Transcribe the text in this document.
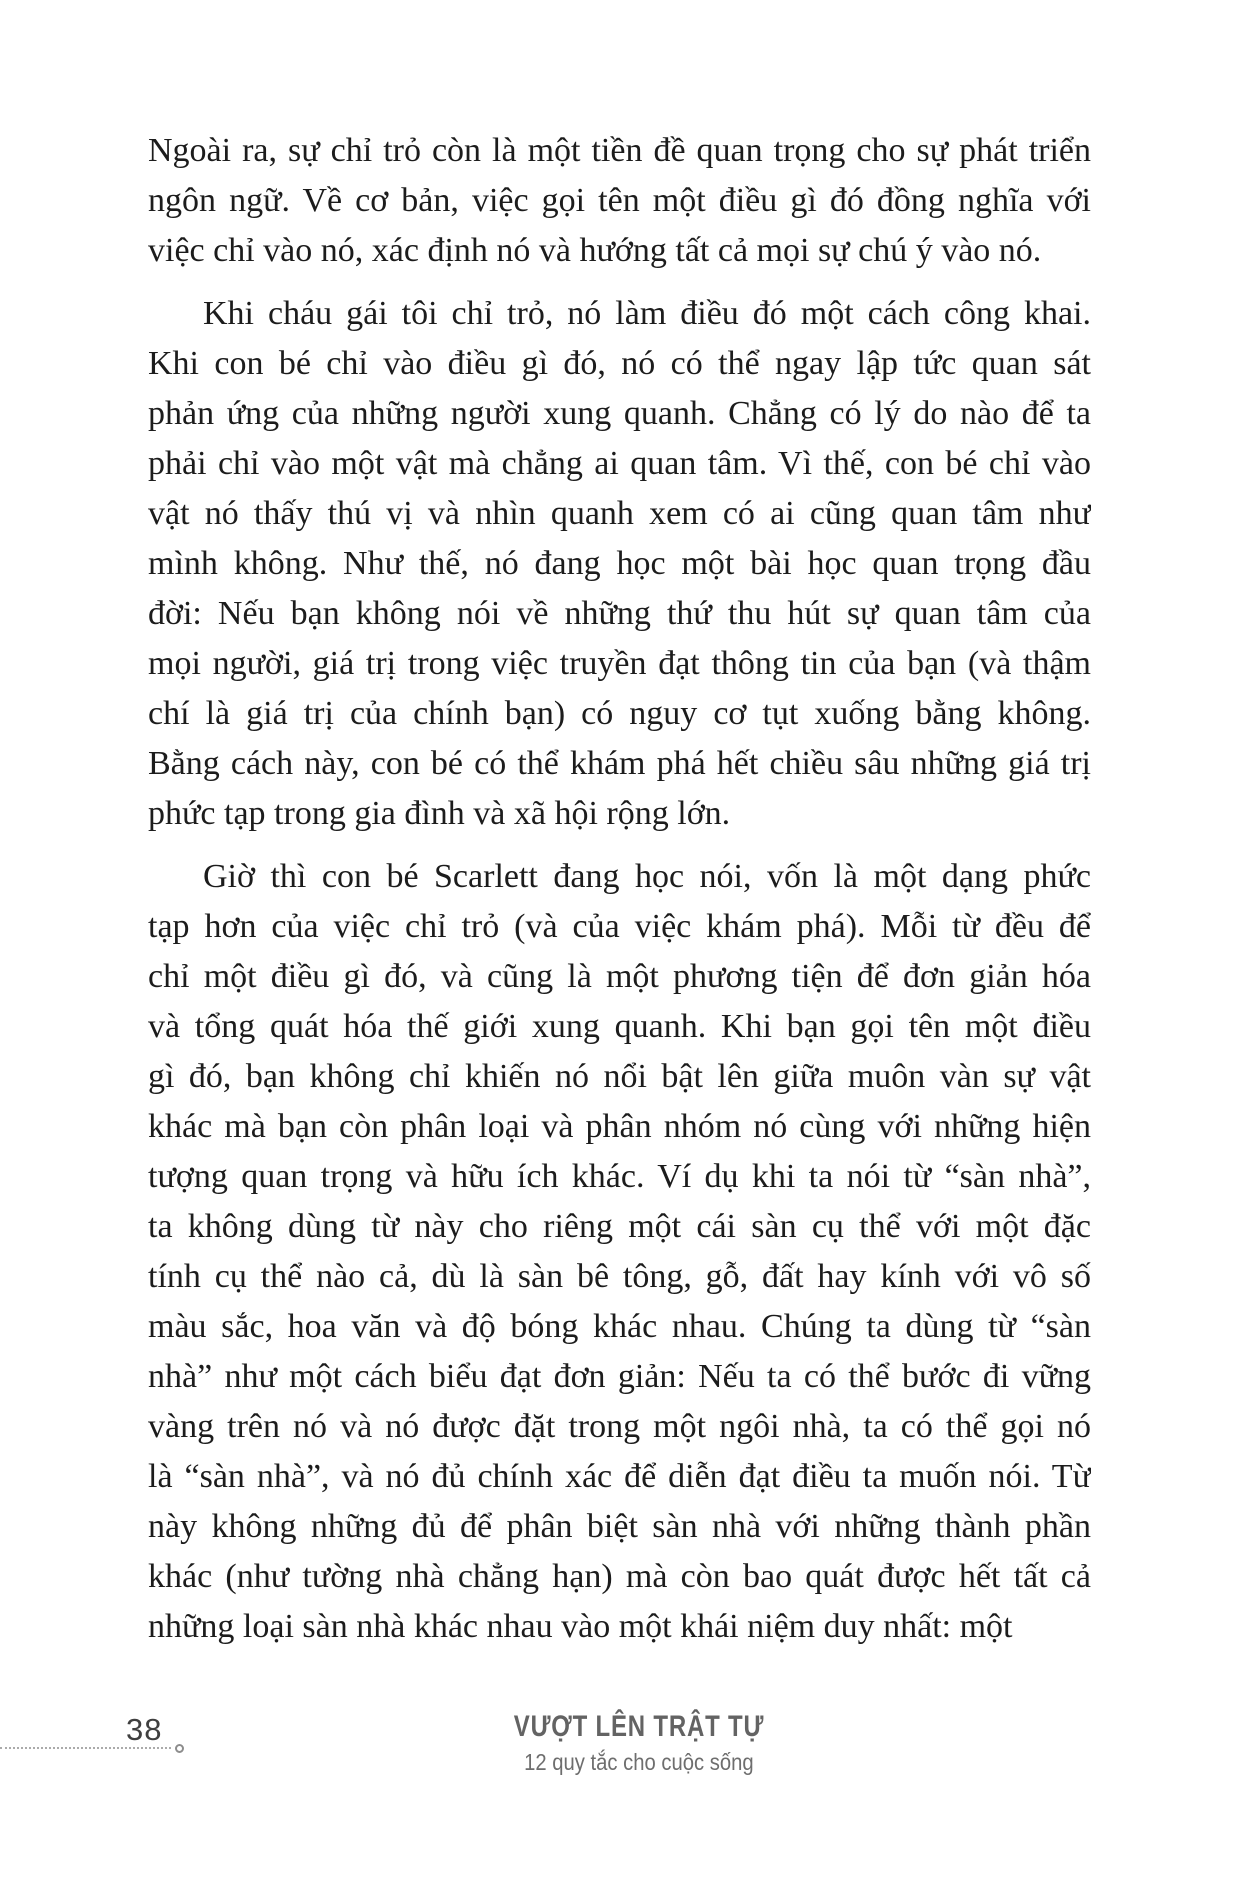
Ngoài ra, sự chỉ trỏ còn là một tiền đề quan trọng cho sự phát triển
ngôn ngữ. Về cơ bản, việc gọi tên một điều gì đó đồng nghĩa với
việc chỉ vào nó, xác định nó và hướng tất cả mọi sự chú ý vào nó.
Khi cháu gái tôi chỉ trỏ, nó làm điều đó một cách công khai.
Khi con bé chỉ vào điều gì đó, nó có thể ngay lập tức quan sát
phản ứng của những người xung quanh. Chẳng có lý do nào để ta
phải chỉ vào một vật mà chẳng ai quan tâm. Vì thế, con bé chỉ vào
vật nó thấy thú vị và nhìn quanh xem có ai cũng quan tâm như
mình không. Như thế, nó đang học một bài học quan trọng đầu
đời: Nếu bạn không nói về những thứ thu hút sự quan tâm của
mọi người, giá trị trong việc truyền đạt thông tin của bạn (và thậm
chí là giá trị của chính bạn) có nguy cơ tụt xuống bằng không.
Bằng cách này, con bé có thể khám phá hết chiều sâu những giá trị
phức tạp trong gia đình và xã hội rộng lớn.
Giờ thì con bé Scarlett đang học nói, vốn là một dạng phức
tạp hơn của việc chỉ trỏ (và của việc khám phá). Mỗi từ đều để
chỉ một điều gì đó, và cũng là một phương tiện để đơn giản hóa
và tổng quát hóa thế giới xung quanh. Khi bạn gọi tên một điều
gì đó, bạn không chỉ khiến nó nổi bật lên giữa muôn vàn sự vật
khác mà bạn còn phân loại và phân nhóm nó cùng với những hiện
tượng quan trọng và hữu ích khác. Ví dụ khi ta nói từ “sàn nhà”,
ta không dùng từ này cho riêng một cái sàn cụ thể với một đặc
tính cụ thể nào cả, dù là sàn bê tông, gỗ, đất hay kính với vô số
màu sắc, hoa văn và độ bóng khác nhau. Chúng ta dùng từ “sàn
nhà” như một cách biểu đạt đơn giản: Nếu ta có thể bước đi vững
vàng trên nó và nó được đặt trong một ngôi nhà, ta có thể gọi nó
là “sàn nhà”, và nó đủ chính xác để diễn đạt điều ta muốn nói. Từ
này không những đủ để phân biệt sàn nhà với những thành phần
khác (như tường nhà chẳng hạn) mà còn bao quát được hết tất cả
những loại sàn nhà khác nhau vào một khái niệm duy nhất: một
38	VƯỢT LÊN TRẬT TỰ
12 quy tắc cho cuộc sống
